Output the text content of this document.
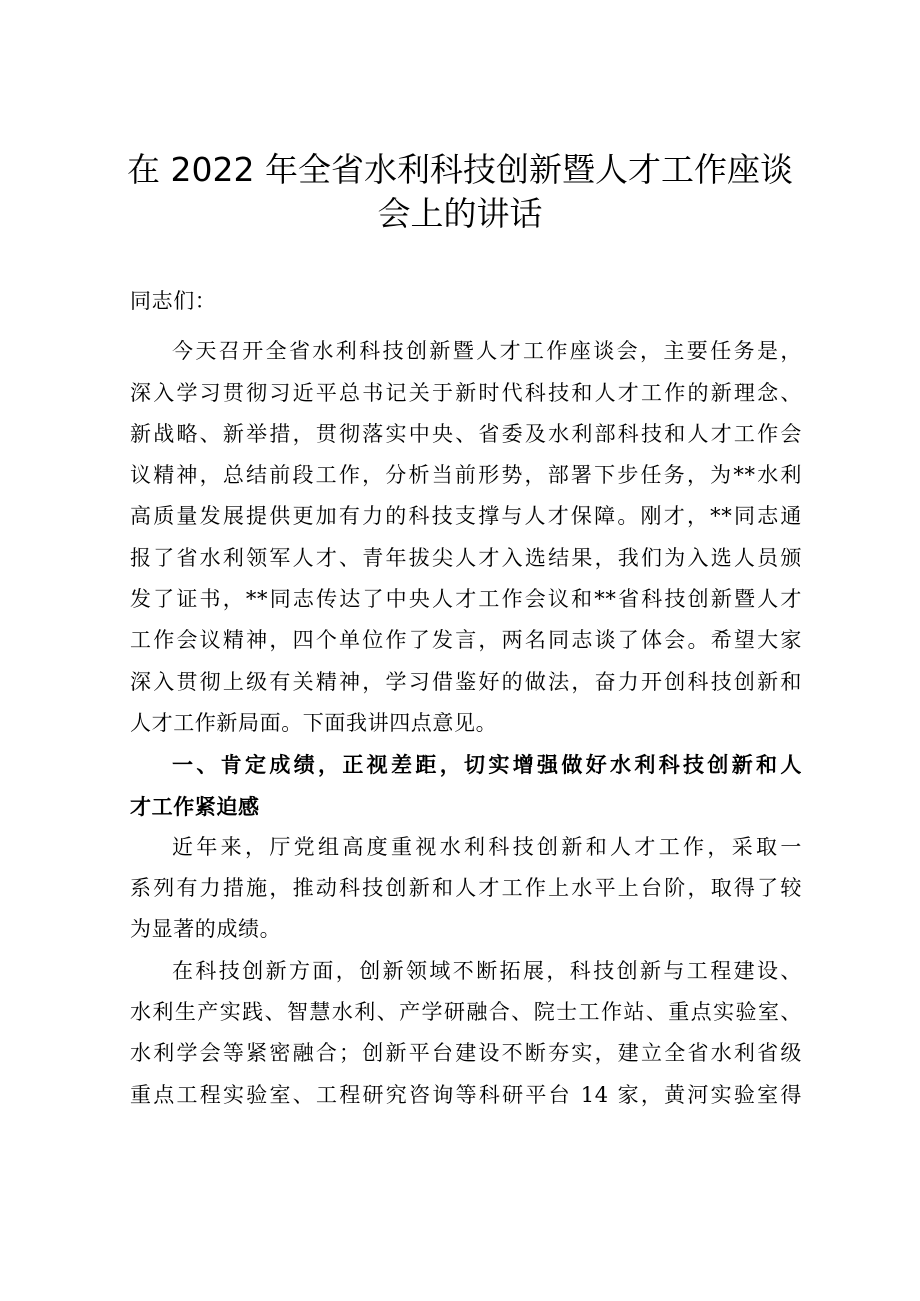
在 2022 年全省水利科技创新暨人才工作座谈
会上的讲话
同志们：
今天召开全省水利科技创新暨人才工作座谈会，主要任务是，
深入学习贯彻习近平总书记关于新时代科技和人才工作的新理念、
新战略、新举措，贯彻落实中央、省委及水利部科技和人才工作会
议精神，总结前段工作，分析当前形势，部署下步任务，为**水利
高质量发展提供更加有力的科技支撑与人才保障。刚才，**同志通
报了省水利领军人才、青年拔尖人才入选结果，我们为入选人员颁
发了证书，**同志传达了中央人才工作会议和**省科技创新暨人才
工作会议精神，四个单位作了发言，两名同志谈了体会。希望大家
深入贯彻上级有关精神，学习借鉴好的做法，奋力开创科技创新和
人才工作新局面。下面我讲四点意见。
一、肯定成绩，正视差距，切实增强做好水利科技创新和人
才工作紧迫感
近年来，厅党组高度重视水利科技创新和人才工作，采取一
系列有力措施，推动科技创新和人才工作上水平上台阶，取得了较
为显著的成绩。
在科技创新方面，创新领域不断拓展，科技创新与工程建设、
水利生产实践、智慧水利、产学研融合、院士工作站、重点实验室、
水利学会等紧密融合；创新平台建设不断夯实，建立全省水利省级
重点工程实验室、工程研究咨询等科研平台 14 家，黄河实验室得
